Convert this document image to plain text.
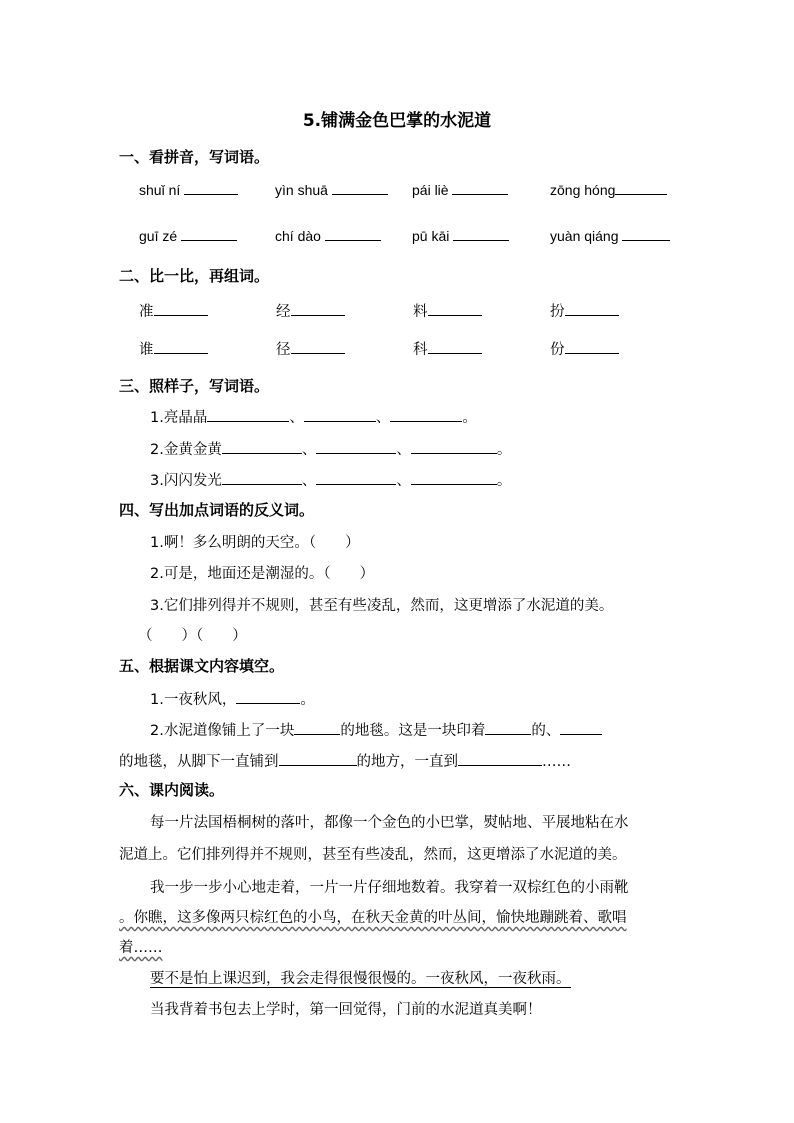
5.铺满金色巴掌的水泥道
一、看拼音，写词语。
shuǐ ní	yìn shuā	pái liè	zōng hóng
guī zé	chí dào	pū kāi	yuàn qiáng
二、比一比，再组词。
准	经	料	扮
谁	径	科	份
三、照样子，写词语。
1.亮晶晶	、	、	。
2.金黄金黄	、	、	。
3.闪闪发光	、	、	。
四、写出加点词语的反义词。
1.啊！多么明朗的天空。（　　）
2.可是，地面还是潮湿的。（　　）
3.它们排列得并不规则，甚至有些凌乱，然而，这更增添了水泥道的美。
（　　）（　　）
五、根据课文内容填空。
1.一夜秋风，	。
2.水泥道像铺上了一块	的地毯。这是一块印着	的、
的地毯，从脚下一直铺到	的地方，一直到	……
六、课内阅读。
每一片法国梧桐树的落叶，都像一个金色的小巴掌，熨帖地、平展地粘在水
泥道上。它们排列得并不规则，甚至有些凌乱，然而，这更增添了水泥道的美。
我一步一步小心地走着，一片一片仔细地数着。我穿着一双棕红色的小雨靴
。你瞧，这多像两只棕红色的小鸟，在秋天金黄的叶丛间，愉快地蹦跳着、歌唱
着……
要不是怕上课迟到，我会走得很慢很慢的。一夜秋风，一夜秋雨。
当我背着书包去上学时，第一回觉得，门前的水泥道真美啊！
